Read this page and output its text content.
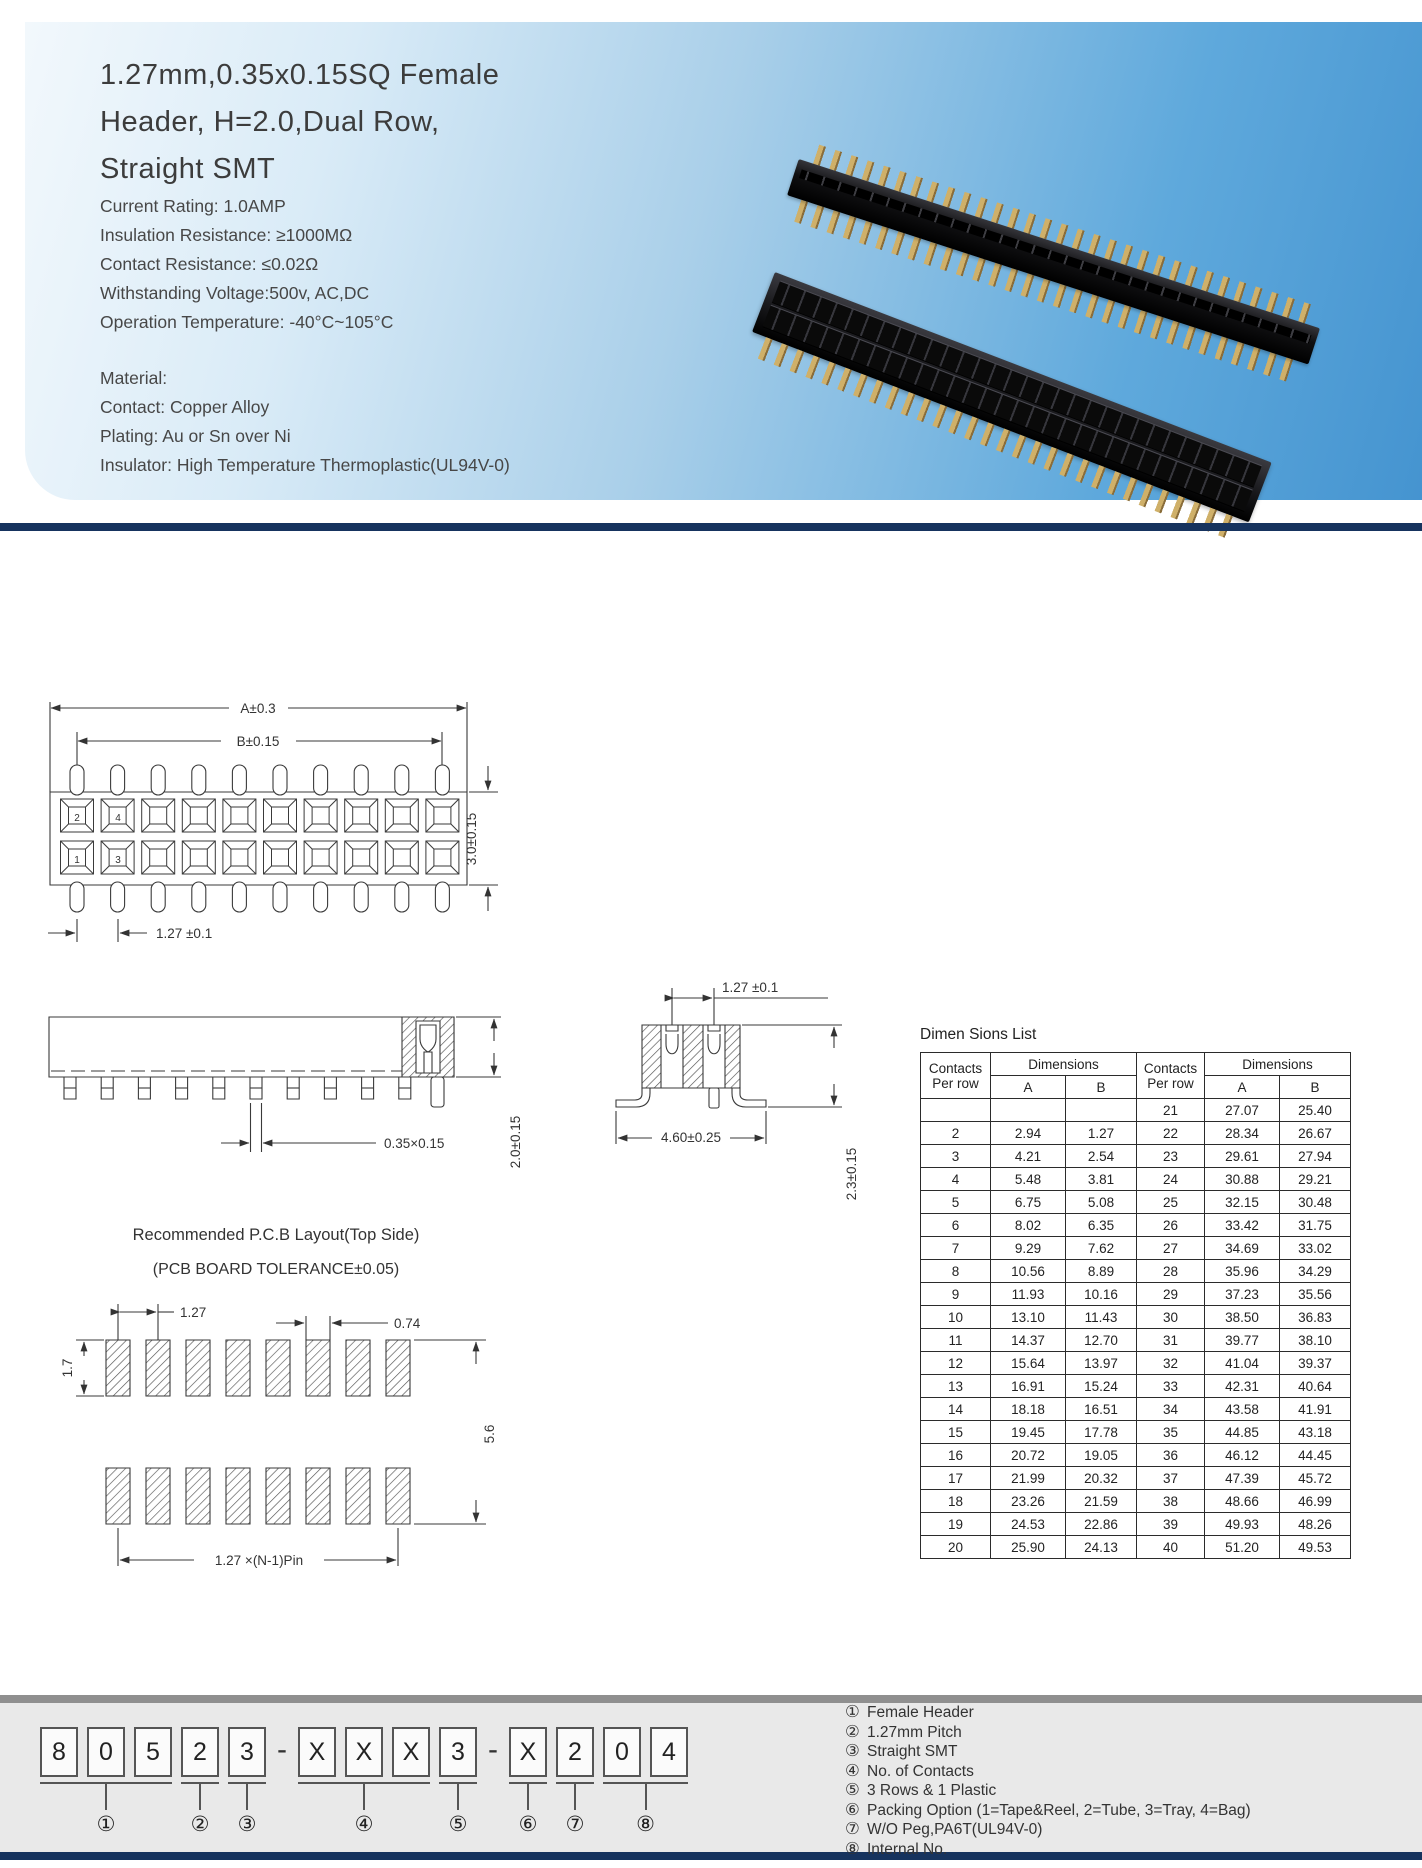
1.27mm,0.35x0.15SQ Female
Header, H=2.0,Dual Row,
Straight SMT
Current Rating: 1.0AMP
Insulation Resistance: ≥1000MΩ
Contact Resistance: ≤0.02Ω
Withstanding Voltage:500v, AC,DC
Operation Temperature: -40°C~105°C
Material:
Contact: Copper Alloy
Plating: Au or Sn over Ni
Insulator: High Temperature Thermoplastic(UL94V-0)
A±0.3
B±0.15
3.0±0.15
1.27 ±0.1
2	4
1	3
0.35×0.15	2.0±0.15
1.27 ±0.1
4.60±0.25
2.3±0.15
Recommended P.C.B Layout(Top Side)
(PCB BOARD TOLERANCE±0.05)
1.27
0.74
1.7
5.6
1.27 ×(N-1)Pin
Dimen Sions List
Contacts
Per row
	Dimensions	Contacts
Per row
	Dimensions
	A	B		A	B
			21	27.07	25.40
2	2.94	1.27	22	28.34	26.67
3	4.21	2.54	23	29.61	27.94
4	5.48	3.81	24	30.88	29.21
5	6.75	5.08	25	32.15	30.48
6	8.02	6.35	26	33.42	31.75
7	9.29	7.62	27	34.69	33.02
8	10.56	8.89	28	35.96	34.29
9	11.93	10.16	29	37.23	35.56
10	13.10	11.43	30	38.50	36.83
11	14.37	12.70	31	39.77	38.10
12	15.64	13.97	32	41.04	39.37
13	16.91	15.24	33	42.31	40.64
14	18.18	16.51	34	43.58	41.91
15	19.45	17.78	35	44.85	43.18
16	20.72	19.05	36	46.12	44.45
17	21.99	20.32	37	47.39	45.72
18	23.26	21.59	38	48.66	46.99
19	24.53	22.86	39	49.93	48.26
20	25.90	24.13	40	51.20	49.53
8	0	5
①
2
②
3
③
- X	X	X
④
3
⑤
- X
⑥
2
⑦
0	4
⑧
① Female Header
② 1.27mm Pitch
③ Straight SMT
④ No. of Contacts
⑤ 3 Rows & 1 Plastic
⑥ Packing Option (1=Tape&Reel, 2=Tube, 3=Tray, 4=Bag)
⑦ W/O Peg,PA6T(UL94V-0)
⑧ Internal No.
